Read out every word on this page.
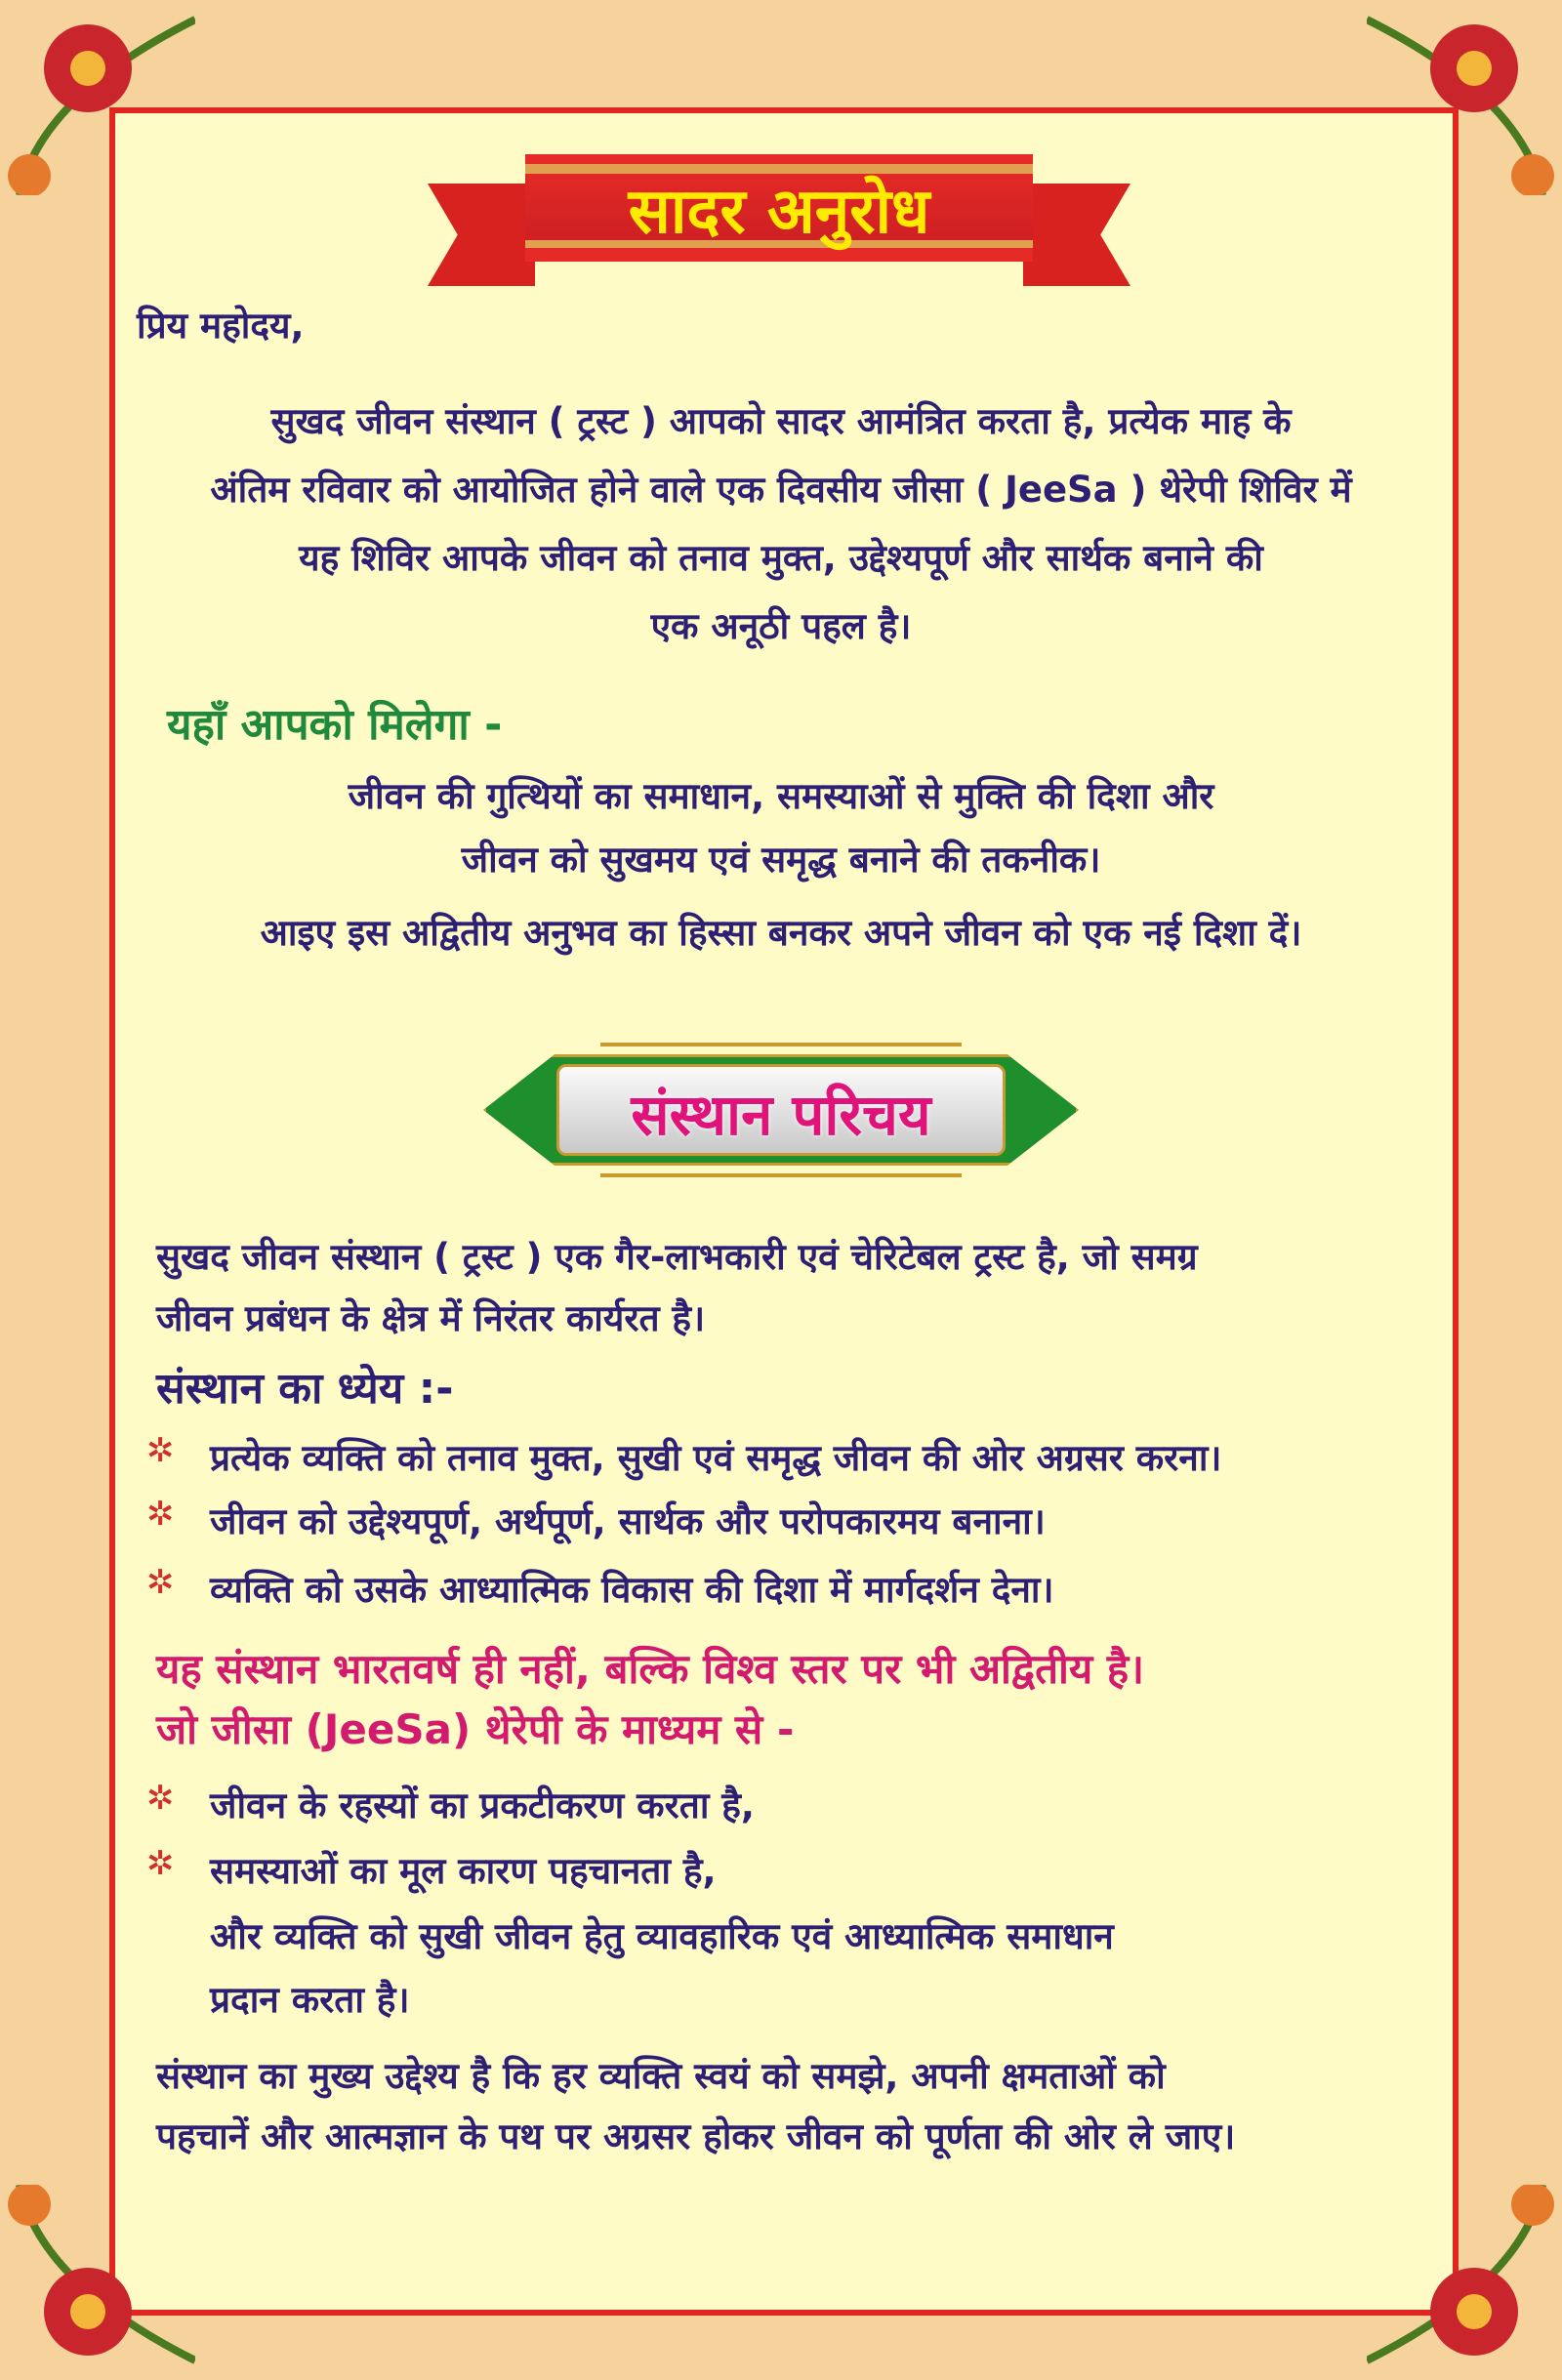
सादर अनुरोध
प्रिय महोदय,
सुखद जीवन संस्थान ( ट्रस्ट ) आपको सादर आमंत्रित करता है, प्रत्येक माह के
अंतिम रविवार को आयोजित होने वाले एक दिवसीय जीसा ( JeeSa ) थेरेपी शिविर में
यह शिविर आपके जीवन को तनाव मुक्त, उद्देश्यपूर्ण और सार्थक बनाने की
एक अनूठी पहल है।
यहाँ आपको मिलेगा -
जीवन की गुत्थियों का समाधान, समस्याओं से मुक्ति की दिशा और
जीवन को सुखमय एवं समृद्ध बनाने की तकनीक।
आइए इस अद्वितीय अनुभव का हिस्सा बनकर अपने जीवन को एक नई दिशा दें।
संस्थान परिचय
सुखद जीवन संस्थान ( ट्रस्ट ) एक गैर-लाभकारी एवं चेरिटेबल ट्रस्ट है, जो समग्र
जीवन प्रबंधन के क्षेत्र में निरंतर कार्यरत है।
संस्थान का ध्येय :-
✲ प्रत्येक व्यक्ति को तनाव मुक्त, सुखी एवं समृद्ध जीवन की ओर अग्रसर करना।
✲ जीवन को उद्देश्यपूर्ण, अर्थपूर्ण, सार्थक और परोपकारमय बनाना।
✲ व्यक्ति को उसके आध्यात्मिक विकास की दिशा में मार्गदर्शन देना।
यह संस्थान भारतवर्ष ही नहीं, बल्कि विश्व स्तर पर भी अद्वितीय है।
जो जीसा (JeeSa) थेरेपी के माध्यम से -
✲ जीवन के रहस्यों का प्रकटीकरण करता है,
✲ समस्याओं का मूल कारण पहचानता है,
और व्यक्ति को सुखी जीवन हेतु व्यावहारिक एवं आध्यात्मिक समाधान
प्रदान करता है।
संस्थान का मुख्य उद्देश्य है कि हर व्यक्ति स्वयं को समझे, अपनी क्षमताओं को
पहचानें और आत्मज्ञान के पथ पर अग्रसर होकर जीवन को पूर्णता की ओर ले जाए।
